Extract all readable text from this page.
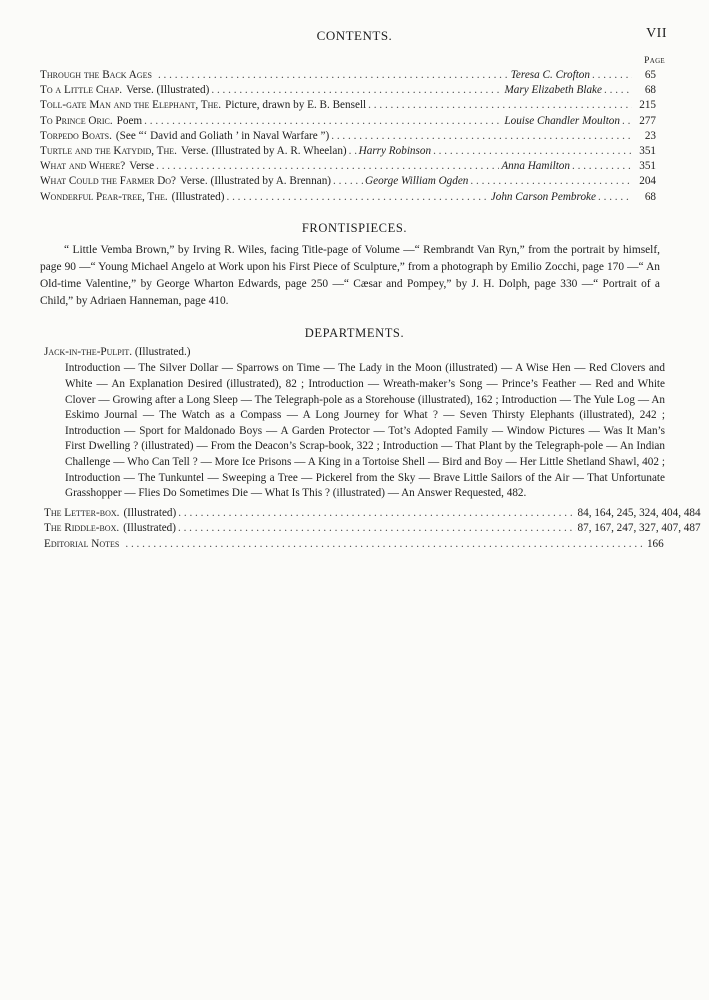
CONTENTS.	VII
Page
Through the Back Ages . . .	Teresa C. Crofton . . .	65
To a Little Chap. Verse. (Illustrated) . . .	Mary Elizabeth Blake . . .	68
Toll-gate Man and the Elephant, The. Picture, drawn by E. B. Bensell . . .	215
To Prince Oric. Poem . . .	Louise Chandler Moulton . . .	277
Torpedo Boats. (See “‘ David and Goliath ’ in Naval Warfare ”) . . .	23
Turtle and the Katydid, The. Verse. (Illustrated by A. R. Wheelan) . . . Harry Robinson . . .	351
What and Where? Verse . . .	Anna Hamilton . . .	351
What Could the Farmer Do? Verse. (Illustrated by A. Brennan) . . .	George William Ogden . . .	204
Wonderful Pear-tree, The. (Illustrated) . . .	John Carson Pembroke . . .	68
FRONTISPIECES.

“ Little Vemba Brown,” by Irving R. Wiles, facing Title-page of Volume —“ Rembrandt Van Ryn,” from the portrait by himself, page 90 —“ Young Michael Angelo at Work upon his First Piece of Sculpture,” from a photograph by Emilio Zocchi, page 170 —“ An Old-time Valentine,” by George Wharton Edwards, page 250 —“ Cæsar and Pompey,” by J. H. Dolph, page 330 —“ Portrait of a Child,” by Adriaen Hanneman, page 410.

DEPARTMENTS.
Jack-in-the-Pulpit. (Illustrated.)
Introduction — The Silver Dollar — Sparrows on Time — The Lady in the Moon (illustrated) — A Wise Hen — Red Clovers and White — An Explanation Desired (illustrated), 82 ; Introduction — Wreath-maker’s Song — Prince’s Feather — Red and White Clover — Growing after a Long Sleep — The Telegraph-pole as a Storehouse (illustrated), 162 ; Introduction — The Yule Log — An Eskimo Journal — The Watch as a Compass — A Long Journey for What ? — Seven Thirsty Elephants (illustrated), 242 ; Introduction — Sport for Maldonado Boys — A Garden Protector — Tot’s Adopted Family — Window Pictures — Was It Man’s First Dwelling ? (illustrated) — From the Deacon’s Scrap-book, 322 ; Introduction — That Plant by the Telegraph-pole — An Indian Challenge — Who Can Tell ? — More Ice Prisons — A King in a Tortoise Shell — Bird and Boy — Her Little Shetland Shawl, 402 ; Introduction — The Tunkuntel — Sweeping a Tree — Pickerel from the Sky — Brave Little Sailors of the Air — That Unfortunate Grasshopper — Flies Do Sometimes Die — What Is This ? (illustrated) — An Answer Requested, 482.
The Letter-box. (Illustrated) . . .	84, 164, 245, 324, 404, 484
The Riddle-box. (Illustrated) . . .	87, 167, 247, 327, 407, 487
Editorial Notes . . .	166
